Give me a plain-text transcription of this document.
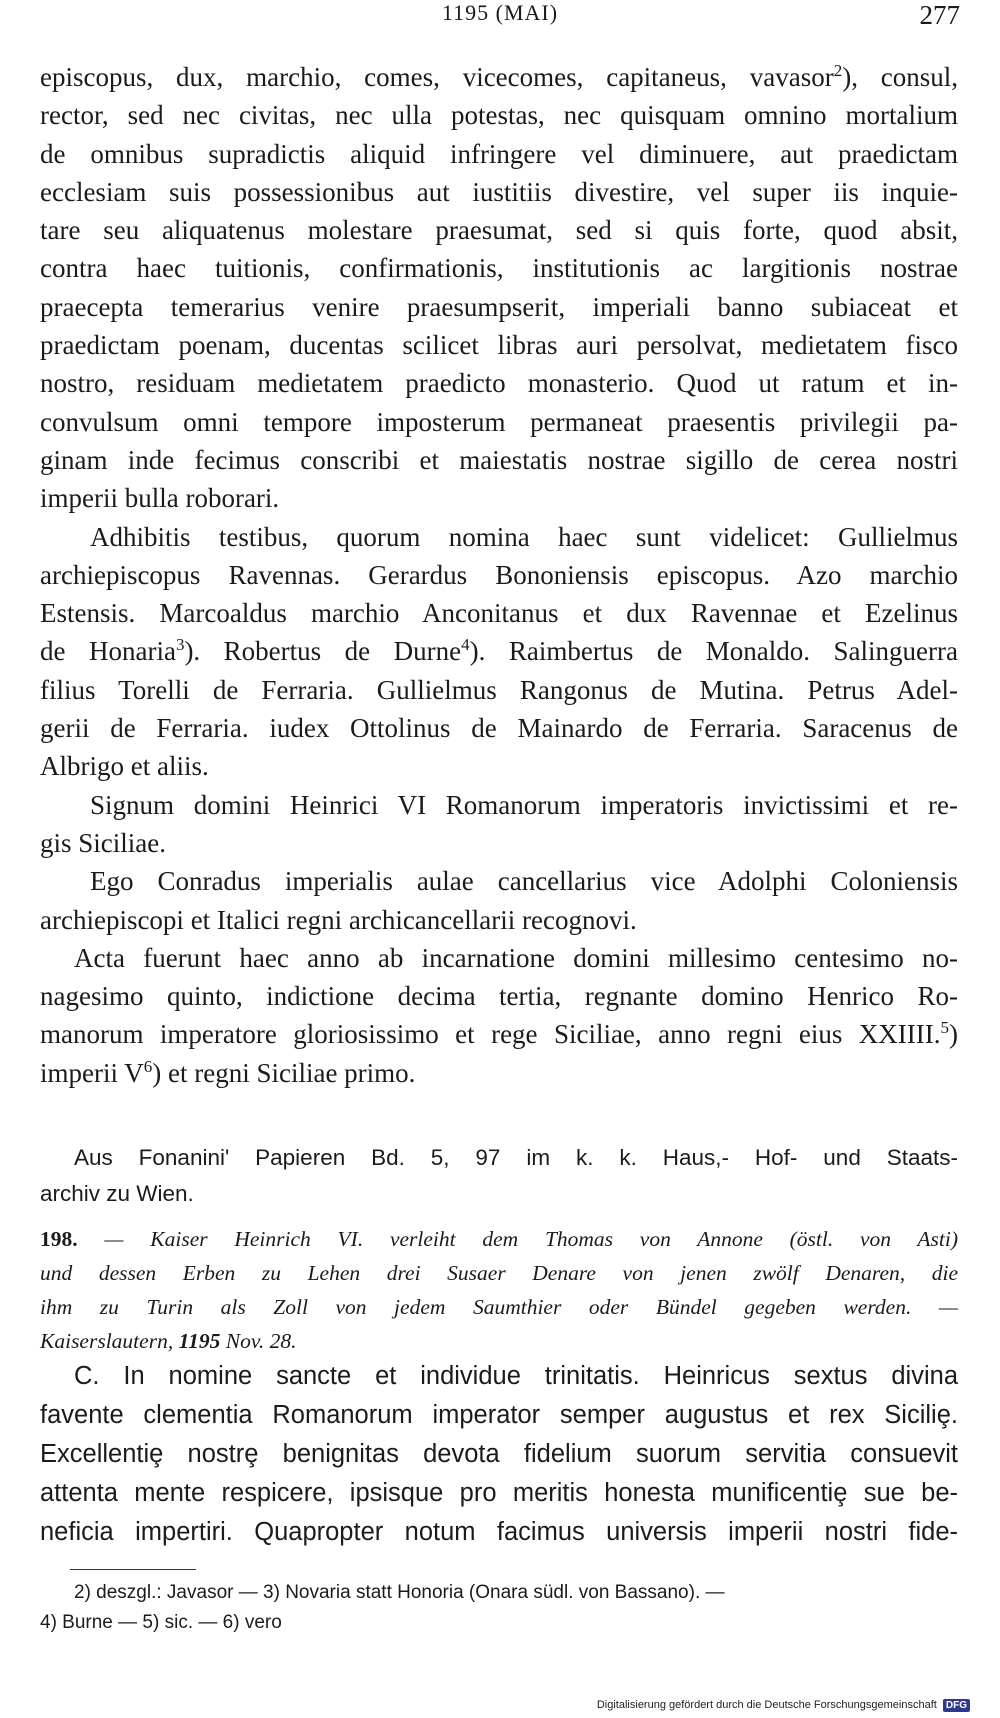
1195 (MAI)	277
episcopus, dux, marchio, comes, vicecomes, capitaneus, vavasor$^2$), consul,
rector, sed nec civitas, nec ulla potestas, nec quisquam omnino mortalium
de omnibus supradictis aliquid infringere vel diminuere, aut praedictam
ecclesiam suis possessionibus aut iustitiis divestire, vel super iis inquie-
tare seu aliquatenus molestare praesumat, sed si quis forte, quod absit,
contra haec tuitionis, confirmationis, institutionis ac largitionis nostrae
praecepta temerarius venire praesumpserit, imperiali banno subiaceat et
praedictam poenam, ducentas scilicet libras auri persolvat, medietatem fisco
nostro, residuam medietatem praedicto monasterio. Quod ut ratum et in-
convulsum omni tempore imposterum permaneat praesentis privilegii pa-
ginam inde fecimus conscribi et maiestatis nostrae sigillo de cerea nostri
imperii bulla roborari.
Adhibitis testibus, quorum nomina haec sunt videlicet: Gullielmus
archiepiscopus Ravennas. Gerardus Bononiensis episcopus. Azo marchio
Estensis. Marcoaldus marchio Anconitanus et dux Ravennae et Ezelinus
de Honaria$^3$). Robertus de Durne$^4$). Raimbertus de Monaldo. Salinguerra
filius Torelli de Ferraria. Gullielmus Rangonus de Mutina. Petrus Adel-
gerii de Ferraria. iudex Ottolinus de Mainardo de Ferraria. Saracenus de
Albrigo et aliis.
Signum domini Heinrici VI Romanorum imperatoris invictissimi et re-
gis Siciliae.
Ego Conradus imperialis aulae cancellarius vice Adolphi Coloniensis
archiepiscopi et Italici regni archicancellarii recognovi.
Acta fuerunt haec anno ab incarnatione domini millesimo centesimo no-
nagesimo quinto, indictione decima tertia, regnante domino Henrico Ro-
manorum imperatore gloriosissimo et rege Siciliae, anno regni eius XXIIII.$^5$)
imperii $V^6$) et regni Siciliae primo.
Aus Fonanini' Papieren Bd. 5, 97 im k. k. Haus,- Hof- und Staats-
archiv zu Wien.
198. — Kaiser Heinrich VI. verleiht dem Thomas von Annone (östl. von Asti)
und dessen Erben zu Lehen drei Susaer Denare von jenen zwölf Denaren, die
ihm zu Turin als Zoll von jedem Saumthier oder Bündel gegeben werden. —
Kaiserslautern, 1195 Nov. 28.
C. In nomine sancte et individue trinitatis. Heinricus sextus divina
favente clementia Romanorum imperator semper augustus et rex Siciliȩ.
Excellentiȩ nostrȩ benignitas devota fidelium suorum servitia consuevit
attenta mente respicere, ipsisque pro meritis honesta munificentiȩ sue be-
neficia impertiri. Quapropter notum facimus universis imperii nostri fide-
2) deszgl.: Javasor — 3) Novaria statt Honoria (Onara südl. von Bassano). —
4) Burne — 5) sic. — 6) vero
Digitalisierung gefördert durch die Deutsche Forschungsgemeinschaft DFG
